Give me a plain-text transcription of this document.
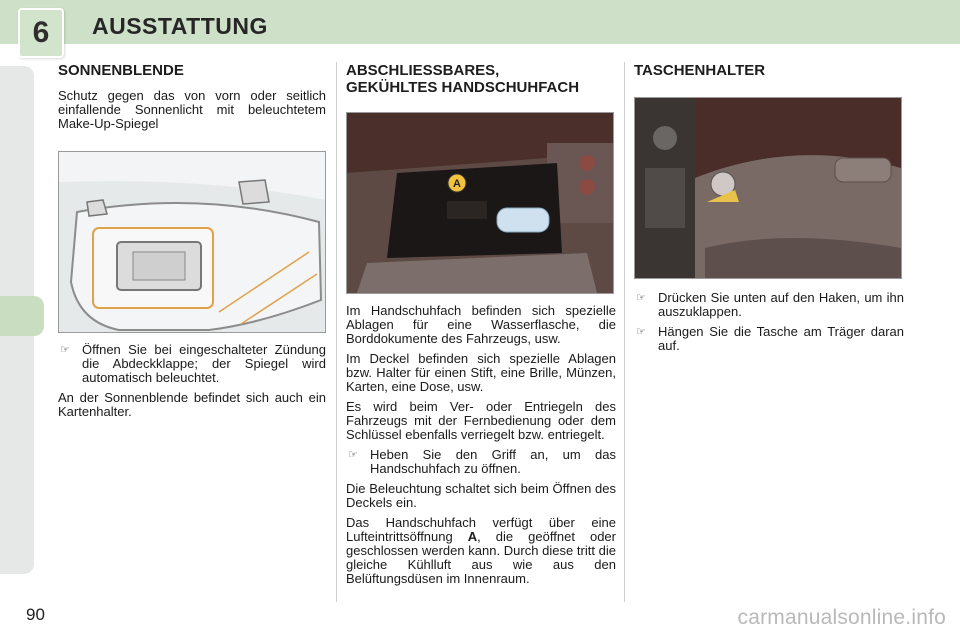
6 AUSSTATTUNG
SONNENBLENDE

Schutz gegen das von vorn oder seitlich einfallende Sonnenlicht mit beleuchtetem Make-Up-Spiegel

☞ Öffnen Sie bei eingeschalteter Zündung die Abdeckklappe; der Spiegel wird automatisch beleuchtet.

An der Sonnenblende befindet sich auch ein Kartenhalter.

ABSCHLIESSBARES,
GEKÜHLTES HANDSCHUHFACH
A

Im Handschuhfach befinden sich spezielle Ablagen für eine Wasserflasche, die Borddokumente des Fahrzeugs, usw.

Im Deckel befinden sich spezielle Ablagen bzw. Halter für einen Stift, eine Brille, Münzen, Karten, eine Dose, usw.

Es wird beim Ver- oder Entriegeln des Fahrzeugs mit der Fernbedienung oder dem Schlüssel ebenfalls verriegelt bzw. entriegelt.

☞ Heben Sie den Griff an, um das Handschuhfach zu öffnen.

Die Beleuchtung schaltet sich beim Öffnen des Deckels ein.

Das Handschuhfach verfügt über eine Lufteintrittsöffnung A, die geöffnet oder geschlossen werden kann. Durch diese tritt die gleiche Kühlluft aus wie aus den Belüftungsdüsen im Innenraum.

TASCHENHALTER
☞ Drücken Sie unten auf den Haken, um ihn auszuklappen.
☞ Hängen Sie die Tasche am Träger daran auf.
90	carmanualsonline.info
